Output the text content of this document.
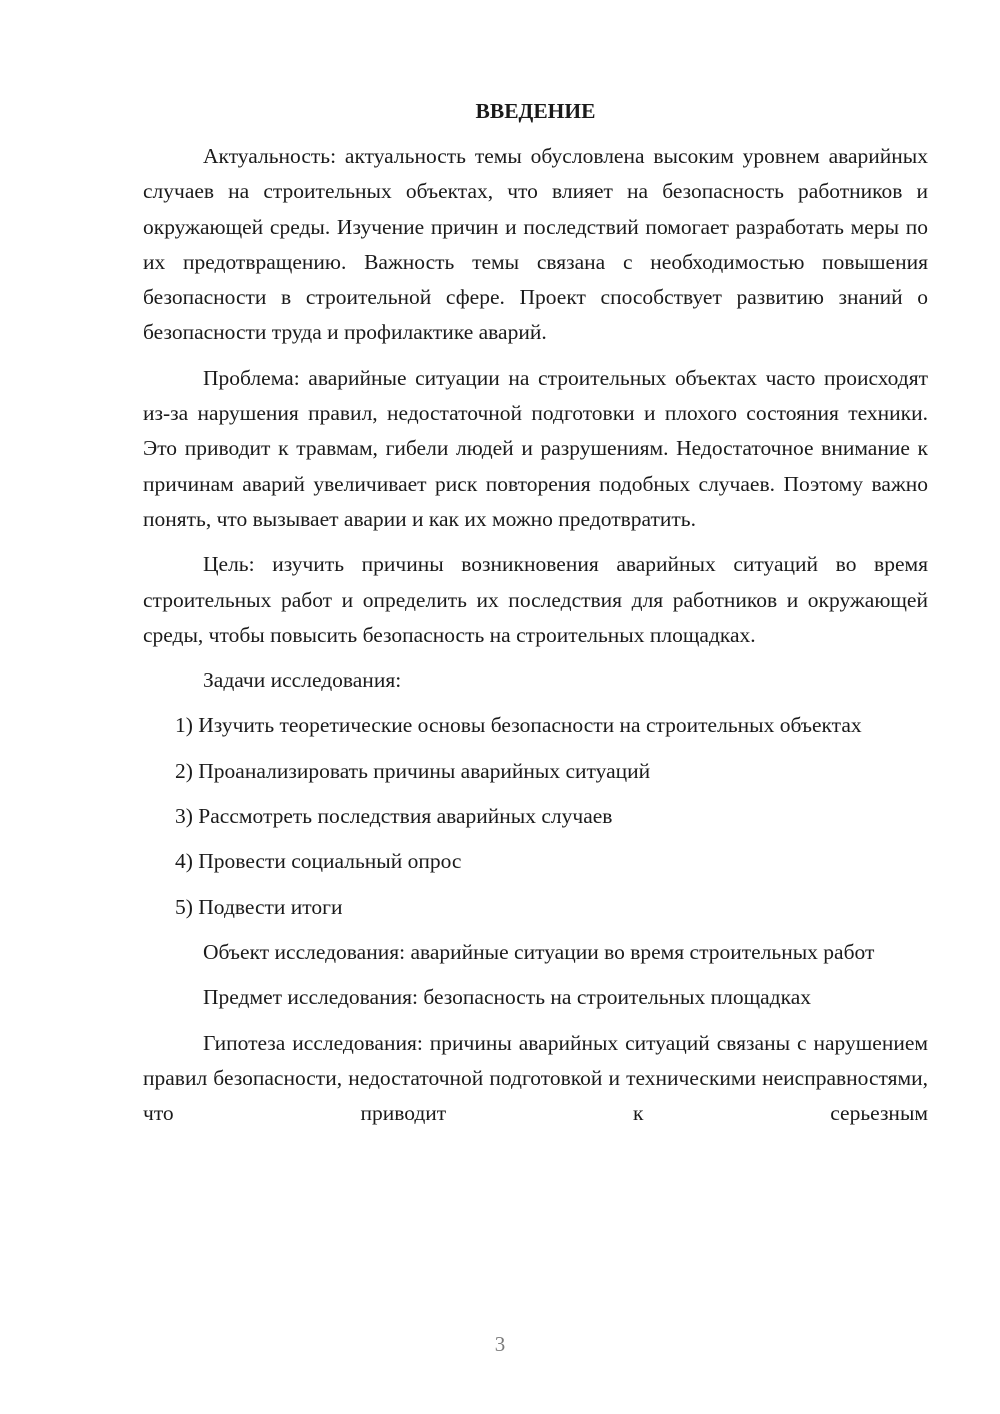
ВВЕДЕНИЕ

Актуальность: актуальность темы обусловлена высоким уровнем аварийных случаев на строительных объектах, что влияет на безопасность работников и окружающей среды. Изучение причин и последствий помогает разработать меры по их предотвращению. Важность темы связана с необходимостью повышения безопасности в строительной сфере. Проект способствует развитию знаний о безопасности труда и профилактике аварий.

Проблема: аварийные ситуации на строительных объектах часто происходят из-за нарушения правил, недостаточной подготовки и плохого состояния техники. Это приводит к травмам, гибели людей и разрушениям. Недостаточное внимание к причинам аварий увеличивает риск повторения подобных случаев. Поэтому важно понять, что вызывает аварии и как их можно предотвратить.

Цель: изучить причины возникновения аварийных ситуаций во время строительных работ и определить их последствия для работников и окружающей среды, чтобы повысить безопасность на строительных площадках.

Задачи исследования:

1) Изучить теоретические основы безопасности на строительных объектах

2) Проанализировать причины аварийных ситуаций

3) Рассмотреть последствия аварийных случаев

4) Провести социальный опрос

5) Подвести итоги

Объект исследования: аварийные ситуации во время строительных работ

Предмет исследования: безопасность на строительных площадках

Гипотеза исследования: причины аварийных ситуаций связаны с нарушением правил безопасности, недостаточной подготовкой и техническими неисправностями, что приводит к серьезным

3
